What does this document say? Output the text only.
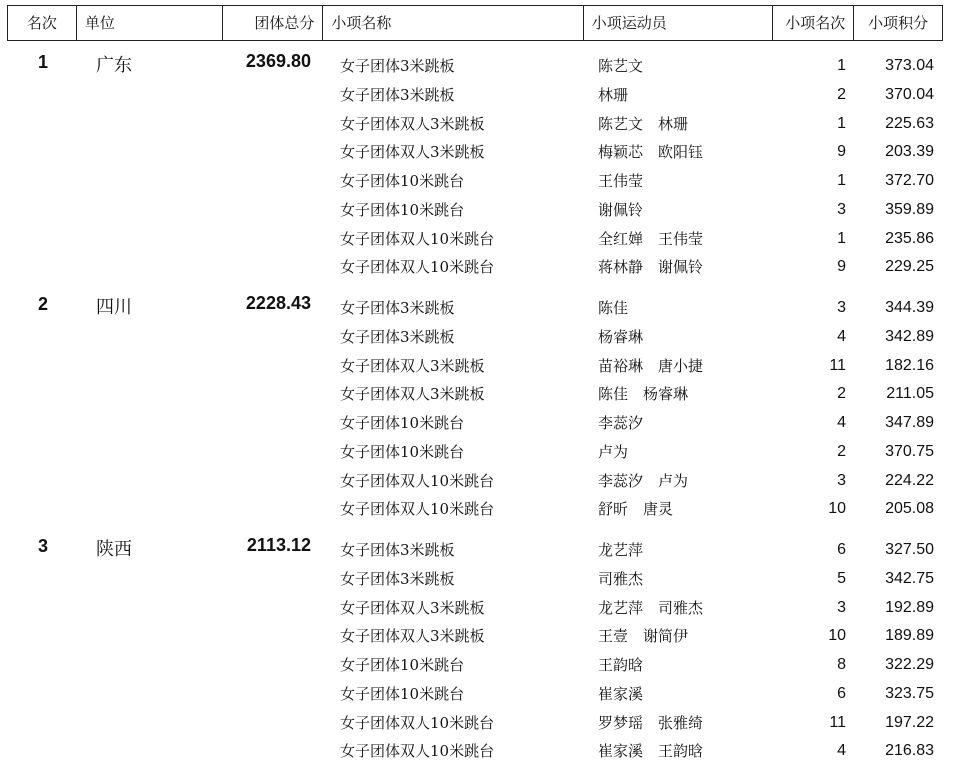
名次	单位	团体总分	小项名称	小项运动员	小项名次	小项积分
1	广东	2369.80 女子团体3米跳板	陈艺文	1	373.04
女子团体3米跳板	林珊	2	370.04
女子团体双人3米跳板	陈艺文　林珊	1	225.63
女子团体双人3米跳板	梅颖芯　欧阳钰	9	203.39
女子团体10米跳台	王伟莹	1	372.70
女子团体10米跳台	谢佩铃	3	359.89
女子团体双人10米跳台	全红婵　王伟莹	1	235.86
女子团体双人10米跳台	蒋林静　谢佩铃	9	229.25
2	四川	2228.43 女子团体3米跳板	陈佳	3	344.39
女子团体3米跳板	杨睿琳	4	342.89
女子团体双人3米跳板	苗裕琳　唐小捷	11	182.16
女子团体双人3米跳板	陈佳　杨睿琳	2	211.05
女子团体10米跳台	李蕊汐	4	347.89
女子团体10米跳台	卢为	2	370.75
女子团体双人10米跳台	李蕊汐　卢为	3	224.22
女子团体双人10米跳台	舒昕　唐灵	10	205.08
3	陕西	2113.12 女子团体3米跳板	龙艺萍	6	327.50
女子团体3米跳板	司雅杰	5	342.75
女子团体双人3米跳板	龙艺萍　司雅杰	3	192.89
女子团体双人3米跳板	王壹　谢简伊	10	189.89
女子团体10米跳台	王韵晗	8	322.29
女子团体10米跳台	崔家溪	6	323.75
女子团体双人10米跳台	罗梦瑶　张雅绮	11	197.22
女子团体双人10米跳台	崔家溪　王韵晗	4	216.83
